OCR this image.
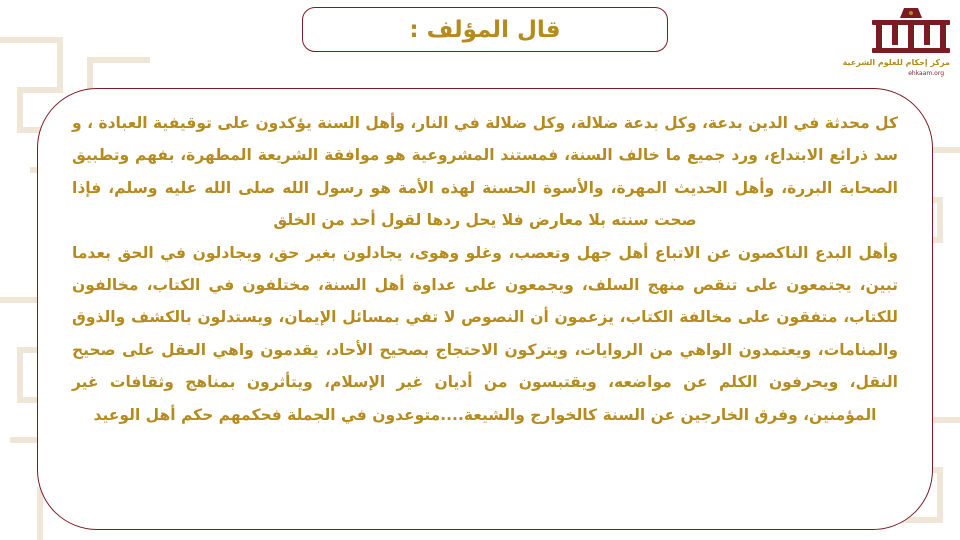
قال المؤلف :
مركز إحكام للعلوم الشرعية
ehkaam.org

كل محدثة في الدين بدعة، وكل بدعة ضلالة، وكل ضلالة في النار، وأهل السنة يؤكدون على توقيفية العبادة ، و سد ذرائع الابتداع، ورد جميع ما خالف السنة، فمستند المشروعية هو موافقة الشريعة المطهرة، بفهم وتطبيق الصحابة البررة، وأهل الحديث المهرة، والأسوة الحسنة لهذه الأمة هو رسول الله صلى الله عليه وسلم، فإذا صحت سنته بلا معارض فلا يحل ردها لقول أحد من الخلق

وأهل البدع الناكصون عن الاتباع أهل جهل وتعصب، وغلو وهوى، يجادلون بغير حق، ويجادلون في الحق بعدما تبين، يجتمعون على تنقص منهج السلف، ويجمعون على عداوة أهل السنة، مختلفون في الكتاب، مخالفون للكتاب، متفقون على مخالفة الكتاب، يزعمون أن النصوص لا تفي بمسائل الإيمان، ويستدلون بالكشف والذوق والمنامات، ويعتمدون الواهي من الروايات، ويتركون الاحتجاج بصحيح الأحاد، يقدمون واهي العقل على صحيح النقل، ويحرفون الكلم عن مواضعه، ويقتبسون من أديان غير الإسلام، ويتأثرون بمناهج وثقافات غير المؤمنين، وفرق الخارجين عن السنة كالخوارج والشيعة....متوعدون في الجملة فحكمهم حكم أهل الوعيد
